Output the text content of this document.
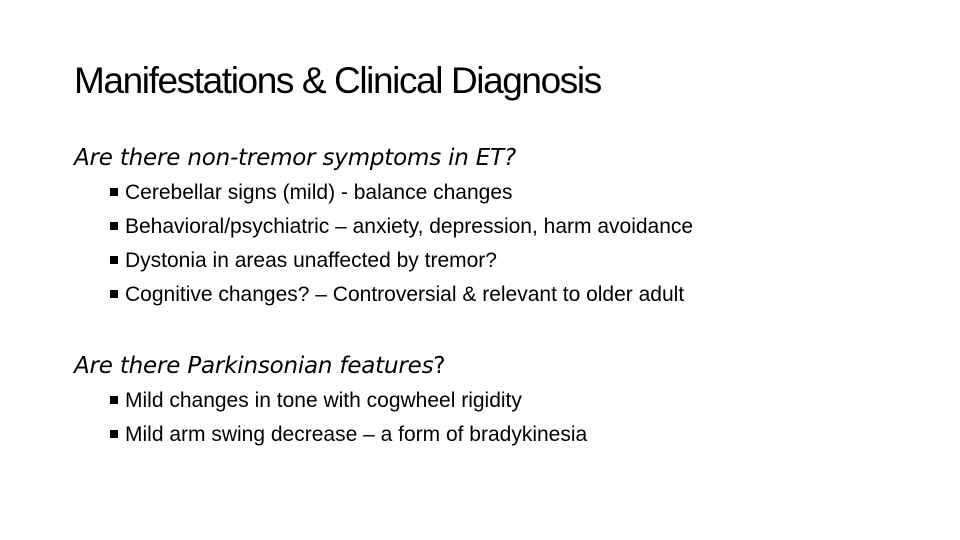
Manifestations & Clinical Diagnosis
Are there non-tremor symptoms in ET?
Cerebellar signs (mild) - balance changes
Behavioral/psychiatric – anxiety, depression, harm avoidance
Dystonia in areas unaffected by tremor?
Cognitive changes? – Controversial & relevant to older adult
Are there Parkinsonian features?
Mild changes in tone with cogwheel rigidity
Mild arm swing decrease – a form of bradykinesia
